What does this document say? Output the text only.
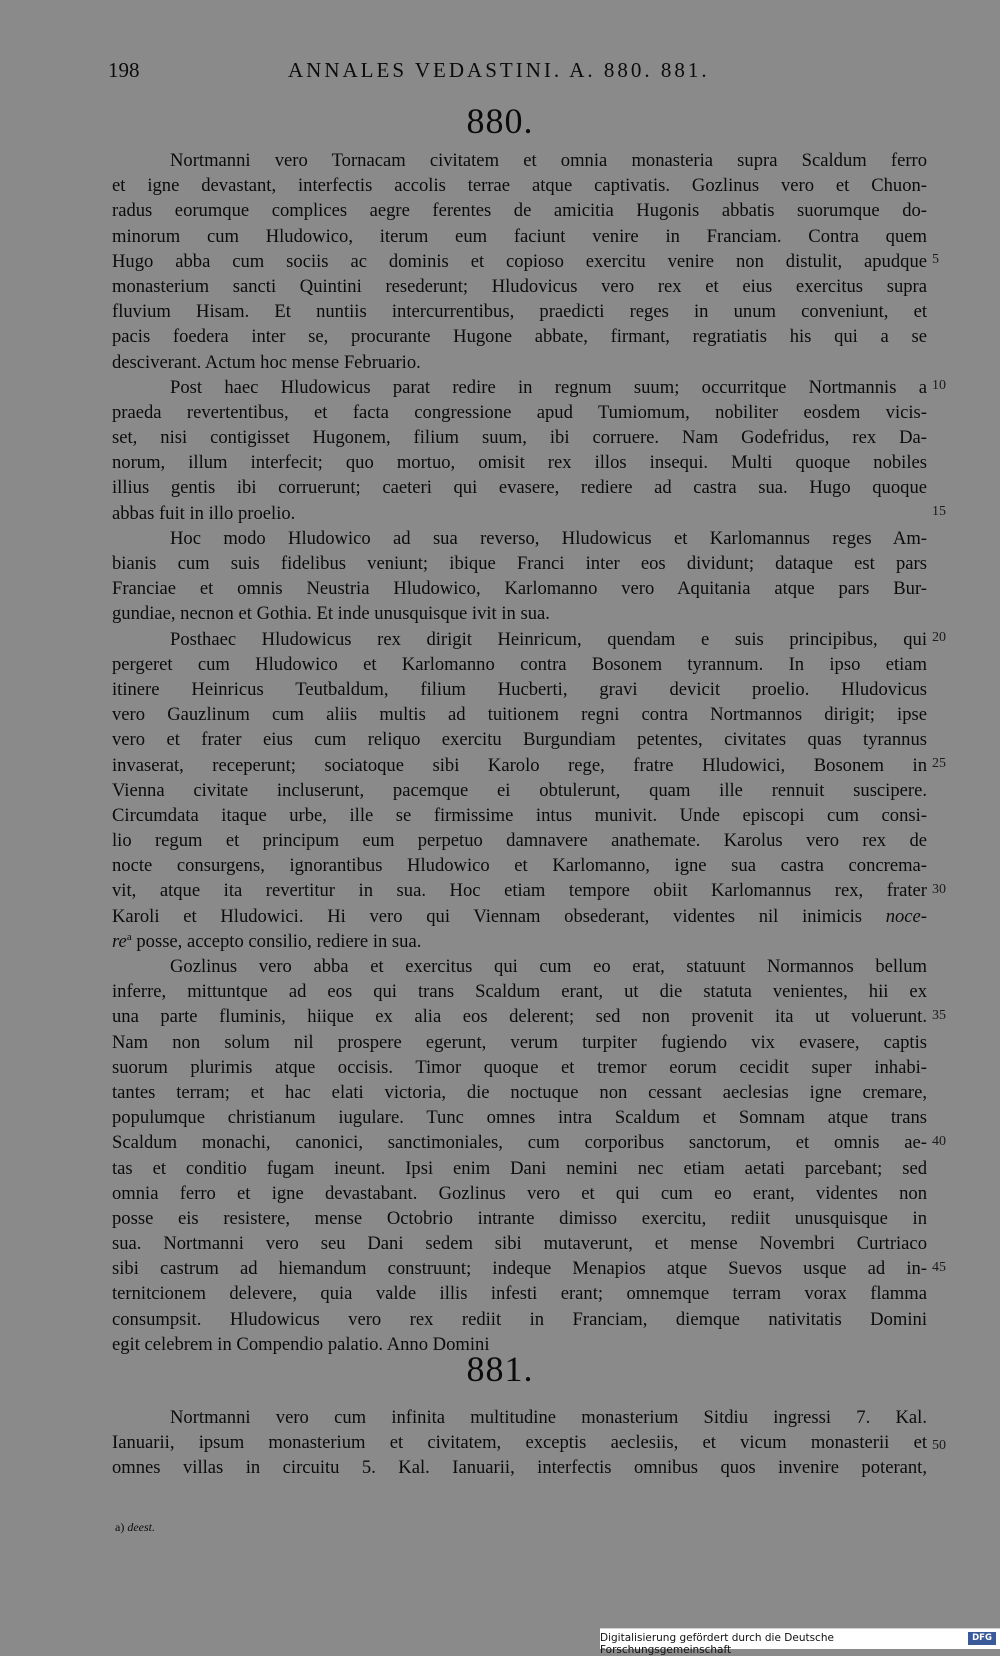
198	ANNALES VEDASTINI. A. 880. 881.
880.
Nortmanni vero Tornacam civitatem et omnia monasteria supra Scaldum ferro
et igne devastant, interfectis accolis terrae atque captivatis. Gozlinus vero et Chuon-
radus eorumque complices aegre ferentes de amicitia Hugonis abbatis suorumque do-
minorum cum Hludowico, iterum eum faciunt venire in Franciam. Contra quem
Hugo abba cum sociis ac dominis et copioso exercitu venire non distulit, apudque
monasterium sancti Quintini resederunt; Hludovicus vero rex et eius exercitus supra
fluvium Hisam. Et nuntiis intercurrentibus, praedicti reges in unum conveniunt, et
pacis foedera inter se, procurante Hugone abbate, firmant, regratiatis his qui a se
desciverant. Actum hoc mense Februario.
Post haec Hludowicus parat redire in regnum suum; occurritque Nortmannis a
praeda revertentibus, et facta congressione apud Tumiomum, nobiliter eosdem vicis-
set, nisi contigisset Hugonem, filium suum, ibi corruere. Nam Godefridus, rex Da-
norum, illum interfecit; quo mortuo, omisit rex illos insequi. Multi quoque nobiles
illius gentis ibi corruerunt; caeteri qui evasere, rediere ad castra sua. Hugo quoque
abbas fuit in illo proelio.
Hoc modo Hludowico ad sua reverso, Hludowicus et Karlomannus reges Am-
bianis cum suis fidelibus veniunt; ibique Franci inter eos dividunt; dataque est pars
Franciae et omnis Neustria Hludowico, Karlomanno vero Aquitania atque pars Bur-
gundiae, necnon et Gothia. Et inde unusquisque ivit in sua.
Posthaec Hludowicus rex dirigit Heinricum, quendam e suis principibus, qui
pergeret cum Hludowico et Karlomanno contra Bosonem tyrannum. In ipso etiam
itinere Heinricus Teutbaldum, filium Hucberti, gravi devicit proelio. Hludovicus
vero Gauzlinum cum aliis multis ad tuitionem regni contra Nortmannos dirigit; ipse
vero et frater eius cum reliquo exercitu Burgundiam petentes, civitates quas tyrannus
invaserat, receperunt; sociatoque sibi Karolo rege, fratre Hludowici, Bosonem in
Vienna civitate incluserunt, pacemque ei obtulerunt, quam ille rennuit suscipere.
Circumdata itaque urbe, ille se firmissime intus munivit. Unde episcopi cum consi-
lio regum et principum eum perpetuo damnavere anathemate. Karolus vero rex de
nocte consurgens, ignorantibus Hludowico et Karlomanno, igne sua castra concrema-
vit, atque ita revertitur in sua. Hoc etiam tempore obiit Karlomannus rex, frater
Karoli et Hludowici. Hi vero qui Viennam obsederant, videntes nil inimicis noce-
$re^a$ posse, accepto consilio, rediere in sua.
Gozlinus vero abba et exercitus qui cum eo erat, statuunt Normannos bellum
inferre, mittuntque ad eos qui trans Scaldum erant, ut die statuta venientes, hii ex
una parte fluminis, hiique ex alia eos delerent; sed non provenit ita ut voluerunt.
Nam non solum nil prospere egerunt, verum turpiter fugiendo vix evasere, captis
suorum plurimis atque occisis. Timor quoque et tremor eorum cecidit super inhabi-
tantes terram; et hac elati victoria, die noctuque non cessant aeclesias igne cremare,
populumque christianum iugulare. Tunc omnes intra Scaldum et Somnam atque trans
Scaldum monachi, canonici, sanctimoniales, cum corporibus sanctorum, et omnis ae-
tas et conditio fugam ineunt. Ipsi enim Dani nemini nec etiam aetati parcebant; sed
omnia ferro et igne devastabant. Gozlinus vero et qui cum eo erant, videntes non
posse eis resistere, mense Octobrio intrante dimisso exercitu, rediit unusquisque in
sua. Nortmanni vero seu Dani sedem sibi mutaverunt, et mense Novembri Curtriaco
sibi castrum ad hiemandum construunt; indeque Menapios atque Suevos usque ad in-
ternitcionem delevere, quia valde illis infesti erant; omnemque terram vorax flamma
consumpsit. Hludowicus vero rex rediit in Franciam, diemque nativitatis Domini
egit celebrem in Compendio palatio. Anno Domini
881.
Nortmanni vero cum infinita multitudine monasterium Sitdiu ingressi 7. Kal.
Ianuarii, ipsum monasterium et civitatem, exceptis aeclesiis, et vicum monasterii et
omnes villas in circuitu 5. Kal. Ianuarii, interfectis omnibus quos invenire poterant,
5
10
15
20
25
30
35
40
45
50
a) deest.
Digitalisierung gefördert durch die Deutsche Forschungsgemeinschaft
DFG
